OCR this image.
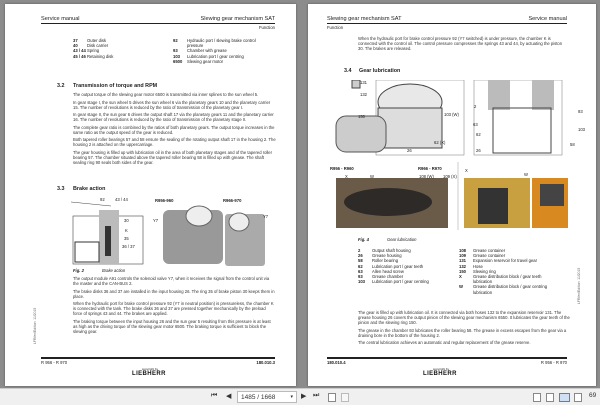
Service manual	Slewing gear mechanism SAT
Function
37	Outer disk
40	Disk carrier
43 / 44 Spring
45 / 46 Retaining disk
92	Hydraulic port / slewing brake control pressure
93	Chamber with grease
103	Lubrication port / gear centring
6500	Slewing gear motor
3.2 Transmission of torque and RPM

The output torque of the slewing gear motor 6500 is transmitted via inner splines to the sun wheel 5.

In gear stage I, the sun wheel 5 drives the sun wheel 6 via the planetary gears 10 and the planetary carrier 15. The number of revolutions is reduced by the ratio of transmission of the planetary gear I.

In gear stage II, the sun gear 6 drives the output shaft 17 via the planetary gears 11 and the planetary carrier 16. The number of revolutions is reduced by the ratio of transmission of the planetary stage II.

The complete gear ratio is combined by the ratios of both planetary gears. The output torque increases in the same ratio as the output speed of the gear is reduced.

Both tapered roller bearings 57 and 58 ensure the sealing of the rotating output shaft 17 in the housing 2. The housing 2 is attached on the uppercarriage.

The gear housing is filled up with lubrication oil in the area of both planetary stages and of the tapered roller bearing 57. The chamber situated above the tapered roller bearing 58 is filled up with grease. The shaft sealing ring 90 seals both sides of the gear.

3.3 Brake action
92 43 / 44
30
K
35
36 / 37
R956-960	R966-970
Y7
Y7
Fig. 2	Brake action

The output module A91 controls the solenoid valve Y7, when it receives the signal from the control unit via the master and the CAN-BUS 2.

The brake disks 36 and 37 are installed in the input housing 26. The ring 35 of brake piston 30 keeps them in place.

When the hydraulic port for brake control pressure 92 (Y7 in neutral position) is pressureless, the chamber K is connected with the tank. The brake disks 36 and 37 are pressed together mechanically by the preload force of springs 43 and 44. The brakes are applied.

The braking torque between the input housing 26 and the sun gear 5 resulting from this pressure is at least as high as the driving torque of the slewing gear motor 6500. The braking torque is sufficient to block the slewing gear.

LFR/en/Edition: 11/2015
R 956 - R 970	180.010.3
copyright by
LIEBHERR
Slewing gear mechanism SAT	Service manual
Function
When the hydraulic port for brake control pressure 92 (Y7 switched) is under pressure, the chamber K is connected with the control oil. The control pressure compresses the springs 43 and 44, by actuating the piston 30. The brakes are released.
3.4 Gear lubrication
131
132
150	103 (W)
62 (X)
26
2
93
63
62
103
58
26
R956 - R960	R966 - R970
X	W	108 (W) 109 (X)
X
W
Fig. 4	Gear lubrication
2	Output shaft housing
26	Grease housing
58	Roller bearing
62	Lubrication port / gear teeth
63	Allen head screw
93	Grease chamber
103	Lubrication port / gear centring
108	Grease container
109	Grease container
131	Expansion reservoir for travel gear
132	Hose
150	Slewing ring
X	Grease distribution block / gear teeth lubrication
W	Grease distribution block / gear centring lubrication

The gear is filled up with lubrication oil. It is connected via both hoses 132 to the expansion reservoir 131. The grease housing 26 covers the output pinion of the slewing gear mechanism 6550. It lubricates the gear teeth of the pinion and the slewing ring 150.

The grease in the chamber 93 lubricates the roller bearing 58. The grease in excess escapes from the gear via a draining bore in the bottom of the housing 2.

The central lubrication achieves an automatic and regular replacement of the grease reserve.

LFR/en/Edition: 11/2015
180.010.4	R 956 - R 970
copyright by
LIEBHERR
⏮ ◀	1485 / 1668	▾ ▶ ⏭	69
